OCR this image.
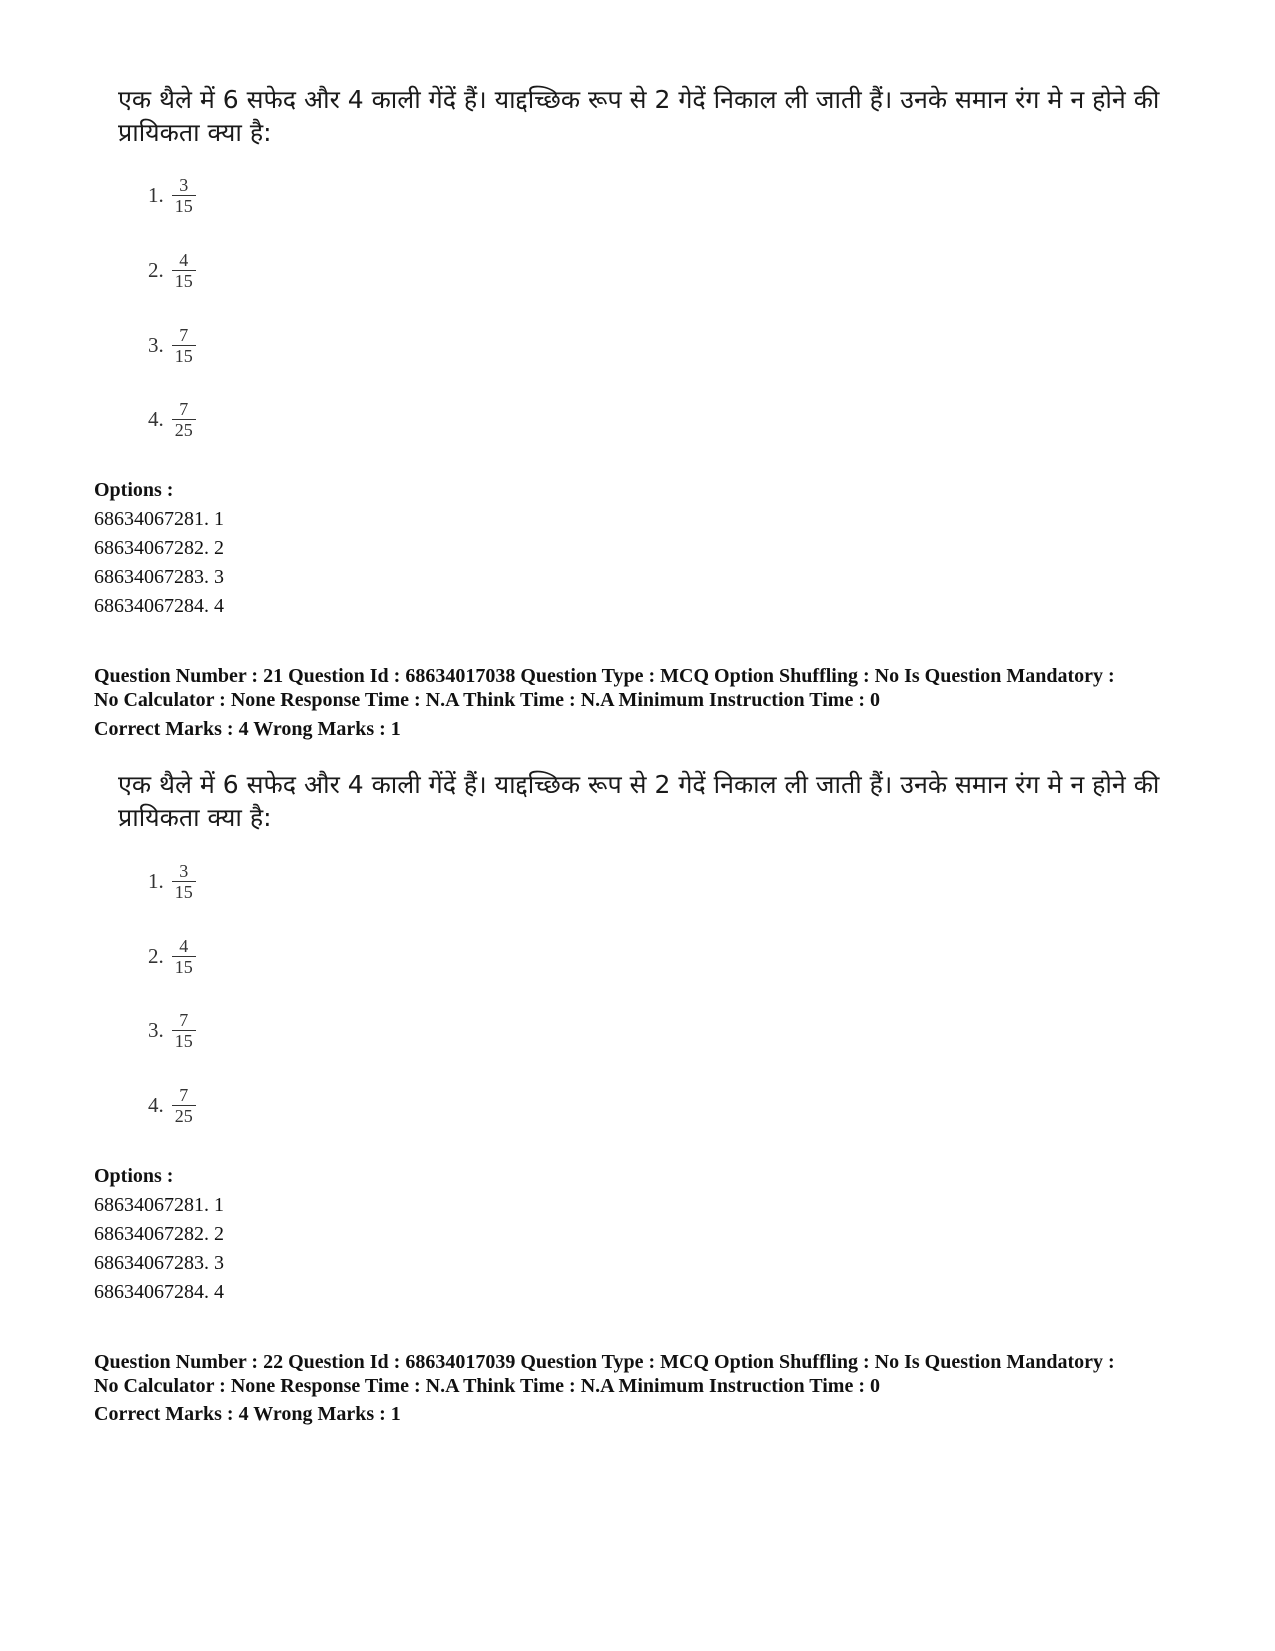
एक थैले में 6 सफेद और 4 काली गेंदें हैं। याद्दच्छिक रूप से 2 गेदें निकाल ली जाती हैं। उनके समान रंग मे न होने की प्रायिकता क्या है:
1. $\frac{3}{15}$
2. $\frac{4}{15}$
3. $\frac{7}{15}$
4. $\frac{7}{25}$
Options :
68634067281. 1
68634067282. 2
68634067283. 3
68634067284. 4
Question Number : 21 Question Id : 68634017038 Question Type : MCQ Option Shuffling : No Is Question Mandatory :
No Calculator : None Response Time : N.A Think Time : N.A Minimum Instruction Time : 0
Correct Marks : 4 Wrong Marks : 1
एक थैले में 6 सफेद और 4 काली गेंदें हैं। याद्दच्छिक रूप से 2 गेदें निकाल ली जाती हैं। उनके समान रंग मे न होने की प्रायिकता क्या है:
1. $\frac{3}{15}$
2. $\frac{4}{15}$
3. $\frac{7}{15}$
4. $\frac{7}{25}$
Options :
68634067281. 1
68634067282. 2
68634067283. 3
68634067284. 4
Question Number : 22 Question Id : 68634017039 Question Type : MCQ Option Shuffling : No Is Question Mandatory :
No Calculator : None Response Time : N.A Think Time : N.A Minimum Instruction Time : 0
Correct Marks : 4 Wrong Marks : 1
